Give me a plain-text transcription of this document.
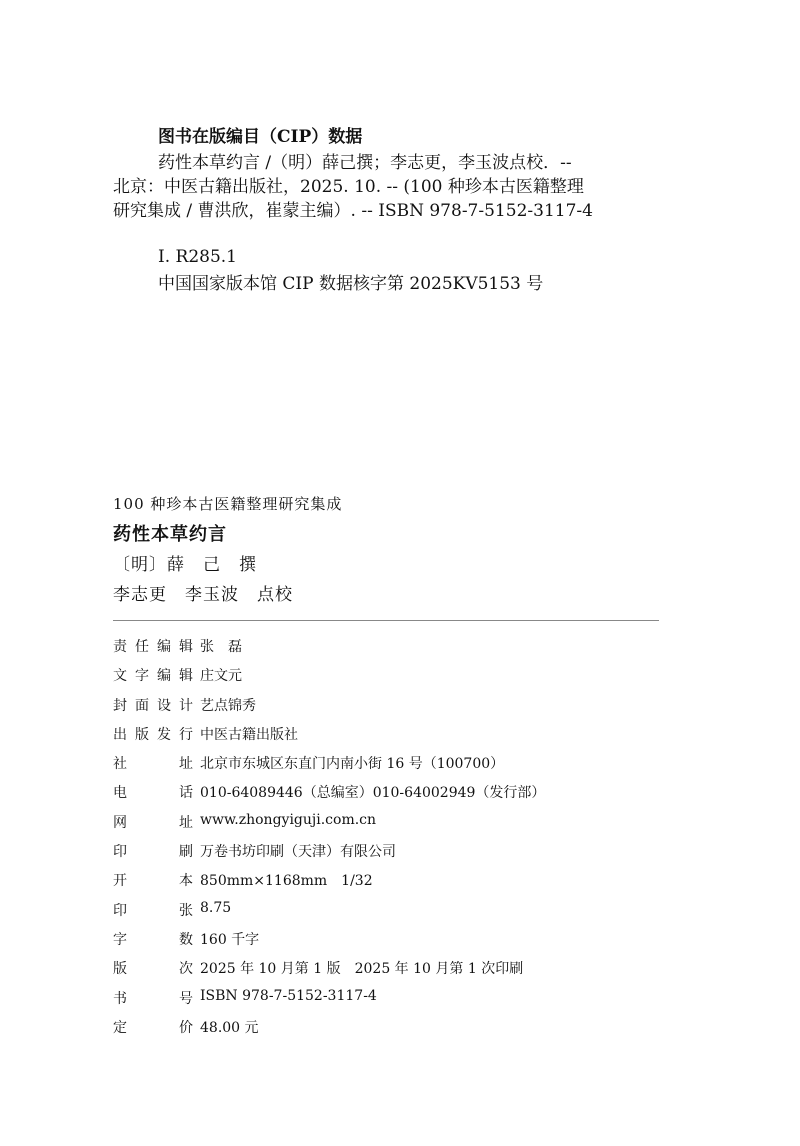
图书在版编目（CIP）数据

药性本草约言 /（明）薛己撰；李志更，李玉波点校．-- 北京：中医古籍出版社，2025. 10. -- (100 种珍本古医籍整理研究集成 / 曹洪欣，崔蒙主编）. -- ISBN 978-7-5152-3117-4

Ⅰ. R285.1

中国国家版本馆 CIP 数据核字第 2025KV5153 号

100 种珍本古医籍整理研究集成

药性本草约言

〔明〕薛　己　撰

李志更　李玉波　点校

责 任 编 辑 张　磊
文 字 编 辑 庄文元
封 面 设 计 艺点锦秀
出 版 发 行 中医古籍出版社
社	址 北京市东城区东直门内南小街 16 号（100700）
电	话 010-64089446（总编室）010-64002949（发行部）
网	址 www.zhongyiguji.com.cn
印	刷 万卷书坊印刷（天津）有限公司
开	本 850mm×1168mm　1/32
印	张 8.75
字	数 160 千字
版	次 2025 年 10 月第 1 版　2025 年 10 月第 1 次印刷
书	号 ISBN 978-7-5152-3117-4
定	价 48.00 元
